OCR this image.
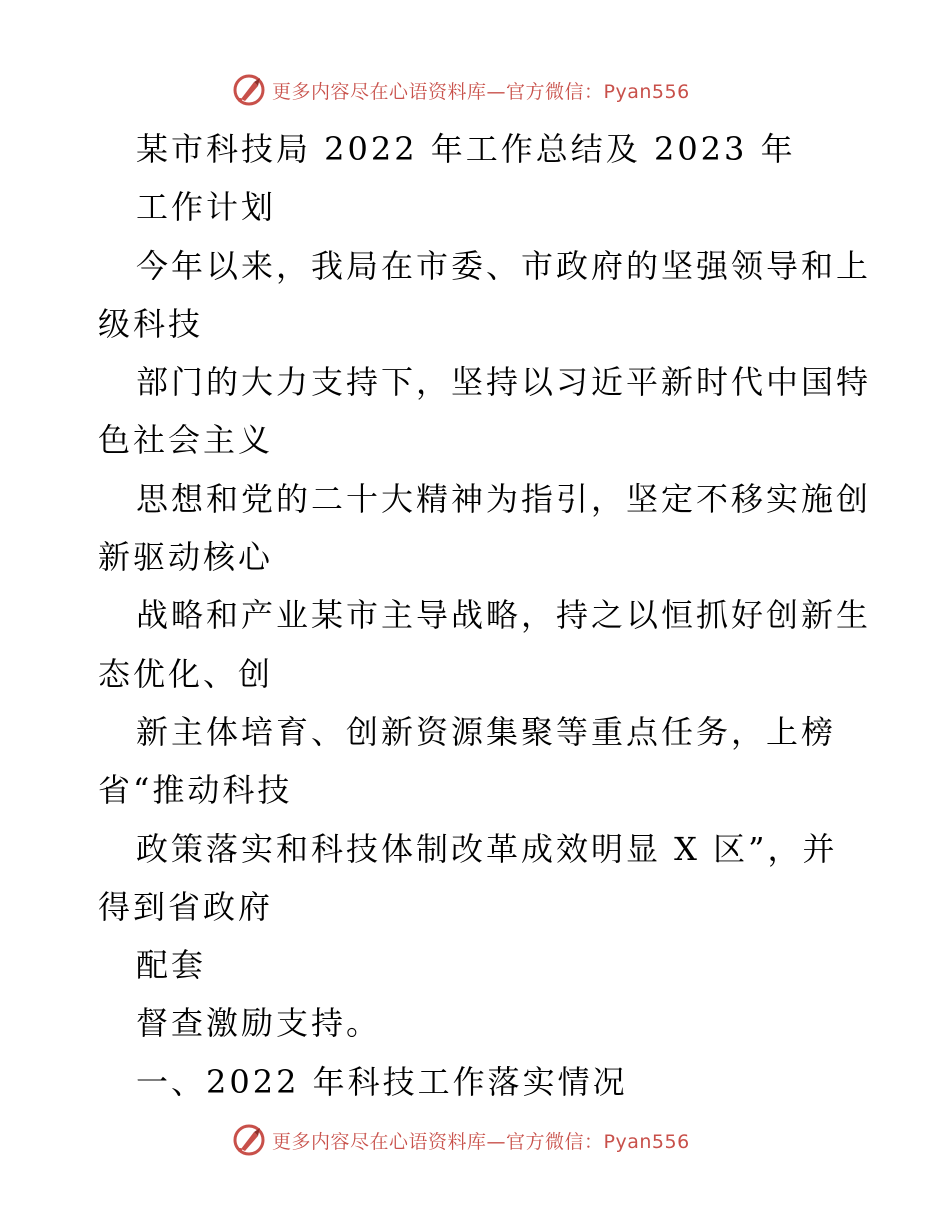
更多内容尽在心语资料库—官方微信：Pyan556
某市科技局 2022 年工作总结及 2023 年
工作计划
今年以来，我局在市委、市政府的坚强领导和上
级科技
部门的大力支持下，坚持以习近平新时代中国特
色社会主义
思想和党的二十大精神为指引，坚定不移实施创
新驱动核心
战略和产业某市主导战略，持之以恒抓好创新生
态优化、创
新主体培育、创新资源集聚等重点任务，上榜
省“推动科技
政策落实和科技体制改革成效明显 X 区”，并
得到省政府
配套
督查激励支持。
一、2022 年科技工作落实情况
更多内容尽在心语资料库—官方微信：Pyan556
